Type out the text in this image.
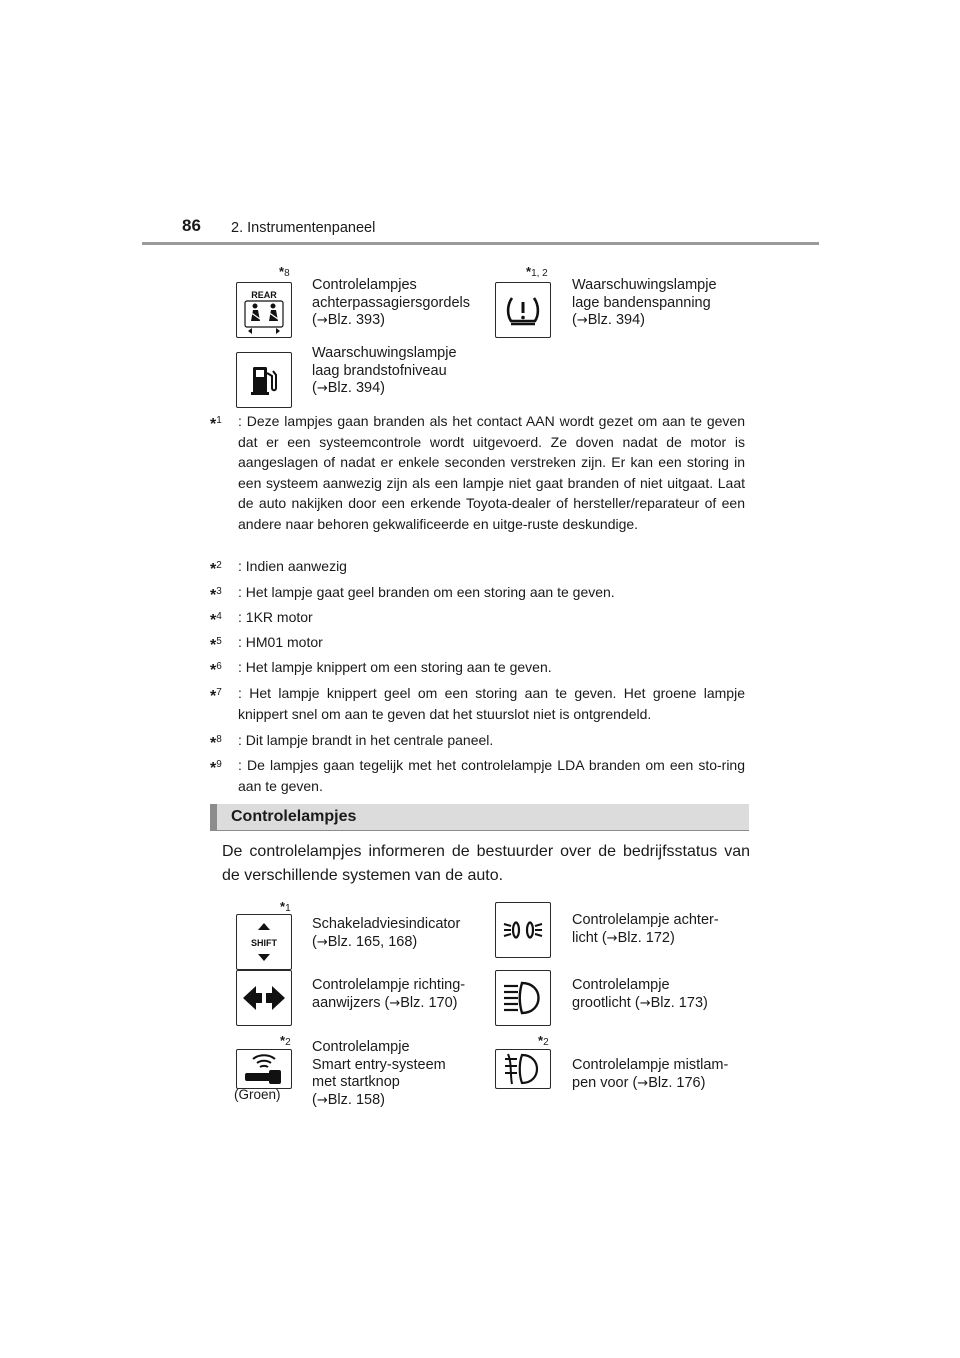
86 2. Instrumentenpaneel
*8
REAR
Controlelampjes
achterpassagiersgordels
(→Blz. 393)
*1, 2
Waarschuwingslampje
lage bandenspanning
(→Blz. 394)
Waarschuwingslampje
laag brandstofniveau
(→Blz. 394)
*$^1$ : Deze lampjes gaan branden als het contact AAN wordt gezet om aan te geven dat er een systeemcontrole wordt uitgevoerd. Ze doven nadat de motor is aangeslagen of nadat er enkele seconden verstreken zijn. Er kan een storing in een systeem aanwezig zijn als een lampje niet gaat branden of niet uitgaat. Laat de auto nakijken door een erkende Toyota-dealer of hersteller/reparateur of een andere naar behoren gekwalificeerde en uitge-ruste deskundige.
*$^2$ : Indien aanwezig
*$^3$ : Het lampje gaat geel branden om een storing aan te geven.
*$^4$ : 1KR motor
*$^5$ : HM01 motor
*$^6$ : Het lampje knippert om een storing aan te geven.
*$^7$ : Het lampje knippert geel om een storing aan te geven. Het groene lampje knippert snel om aan te geven dat het stuurslot niet is ontgrendeld.
*$^8$ : Dit lampje brandt in het centrale paneel.
*$^9$ : De lampjes gaan tegelijk met het controlelampje LDA branden om een sto-ring aan te geven.
Controlelampjes
De controlelampjes informeren de bestuurder over de bedrijfsstatus van de verschillende systemen van de auto.
*1
SHIFT
Schakeladviesindicator
(→Blz. 165, 168)
Controlelampje achter-
licht (→Blz. 172)
Controlelampje richting-
aanwijzers (→Blz. 170)
Controlelampje
grootlicht (→Blz. 173)
*2
(Groen)
Controlelampje
Smart entry-systeem
met startknop
(→Blz. 158)
*2
Controlelampje mistlam-
pen voor (→Blz. 176)
